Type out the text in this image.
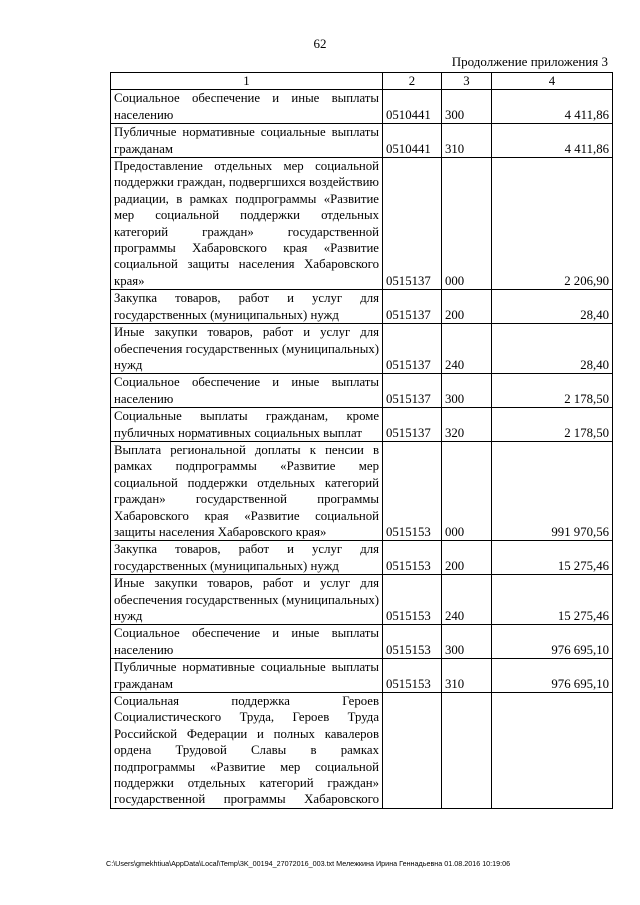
62
Продолжение приложения 3
1	2	3	4
Социальное обеспечение и иные выплаты населению	0510441	300	4 411,86
Публичные нормативные социальные выплаты гражданам	0510441	310	4 411,86
Предоставление отдельных мер социальной поддержки граждан, подвергшихся воздействию радиации, в рамках подпрограммы «Развитие мер социальной поддержки отдельных категорий граждан» государственной программы Хабаровского края «Развитие социальной защиты населения Хабаровского края»	0515137	000	2 206,90
Закупка товаров, работ и услуг для государственных (муниципальных) нужд	0515137	200	28,40
Иные закупки товаров, работ и услуг для обеспечения государственных (муниципальных) нужд	0515137	240	28,40
Социальное обеспечение и иные выплаты населению	0515137	300	2 178,50
Социальные выплаты гражданам, кроме публичных нормативных социальных выплат	0515137	320	2 178,50
Выплата региональной доплаты к пенсии в рамках подпрограммы «Развитие мер социальной поддержки отдельных категорий граждан» государственной программы Хабаровского края «Развитие социальной защиты населения Хабаровского края»	0515153	000	991 970,56
Закупка товаров, работ и услуг для государственных (муниципальных) нужд	0515153	200	15 275,46
Иные закупки товаров, работ и услуг для обеспечения государственных (муниципальных) нужд	0515153	240	15 275,46
Социальное обеспечение и иные выплаты населению	0515153	300	976 695,10
Публичные нормативные социальные выплаты гражданам	0515153	310	976 695,10
Социальная поддержка Героев Социалистического Труда, Героев Труда Российской Федерации и полных кавалеров ордена Трудовой Славы в рамках подпрограммы «Развитие мер социальной поддержки отдельных категорий граждан» государственной программы Хабаровского			
C:\Users\gmekhtiua\AppData\Local\Temp\3K_00194_27072016_003.txt Мележкина Ирина Геннадьевна 01.08.2016 10:19:06
